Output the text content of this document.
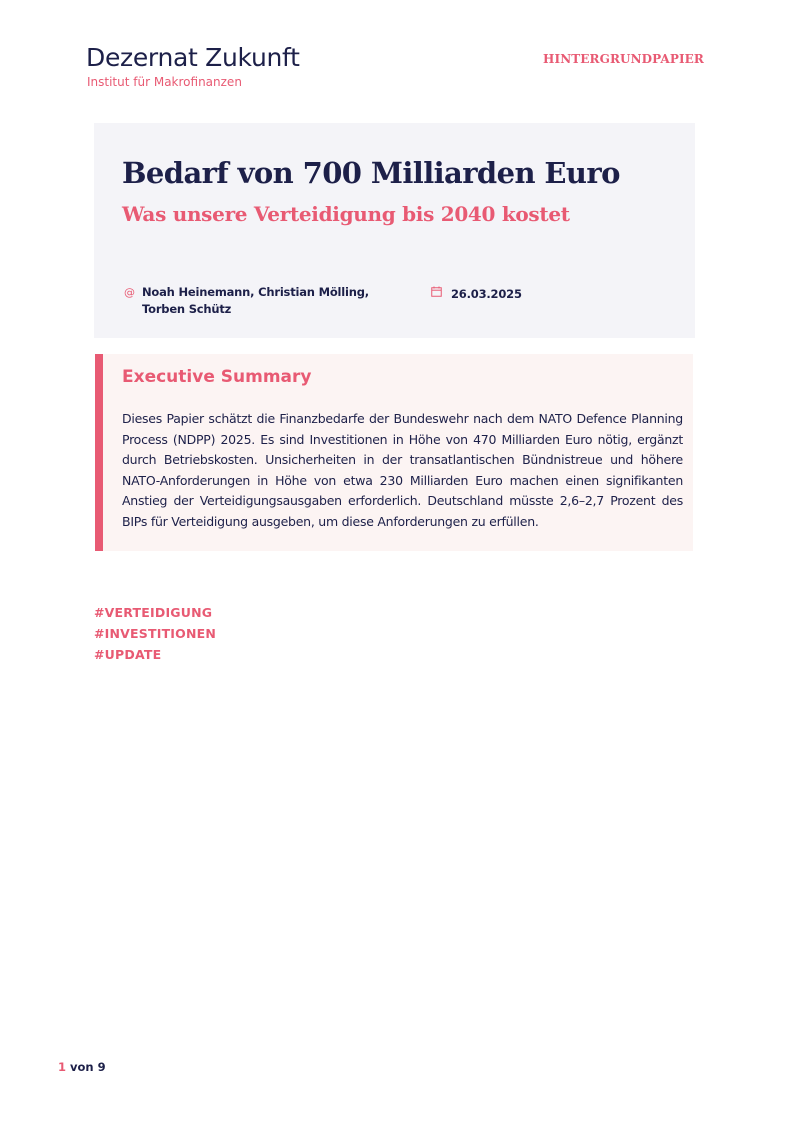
Dezernat Zukunft
Institut für Makrofinanzen
HINTERGRUNDPAPIER
Bedarf von 700 Milliarden Euro
Was unsere Verteidigung bis 2040 kostet
@ Noah Heinemann, Christian Mölling, Torben Schütz
26.03.2025
Executive Summary

Dieses Papier schätzt die Finanzbedarfe der Bundeswehr nach dem NATO Defence Planning Process (NDPP) 2025. Es sind Investitionen in Höhe von 470 Milliarden Euro nötig, ergänzt durch Betriebskosten. Unsicherheiten in der transatlantischen Bündnistreue und höhere NATO-Anforderungen in Höhe von etwa 230 Milliarden Euro machen einen signifikanten Anstieg der Verteidigungsausgaben erforderlich. Deutschland müsste 2,6–2,7 Prozent des BIPs für Verteidigung ausgeben, um diese Anforderungen zu erfüllen.

#VERTEIDIGUNG
#INVESTITIONEN
#UPDATE
1 von 9
